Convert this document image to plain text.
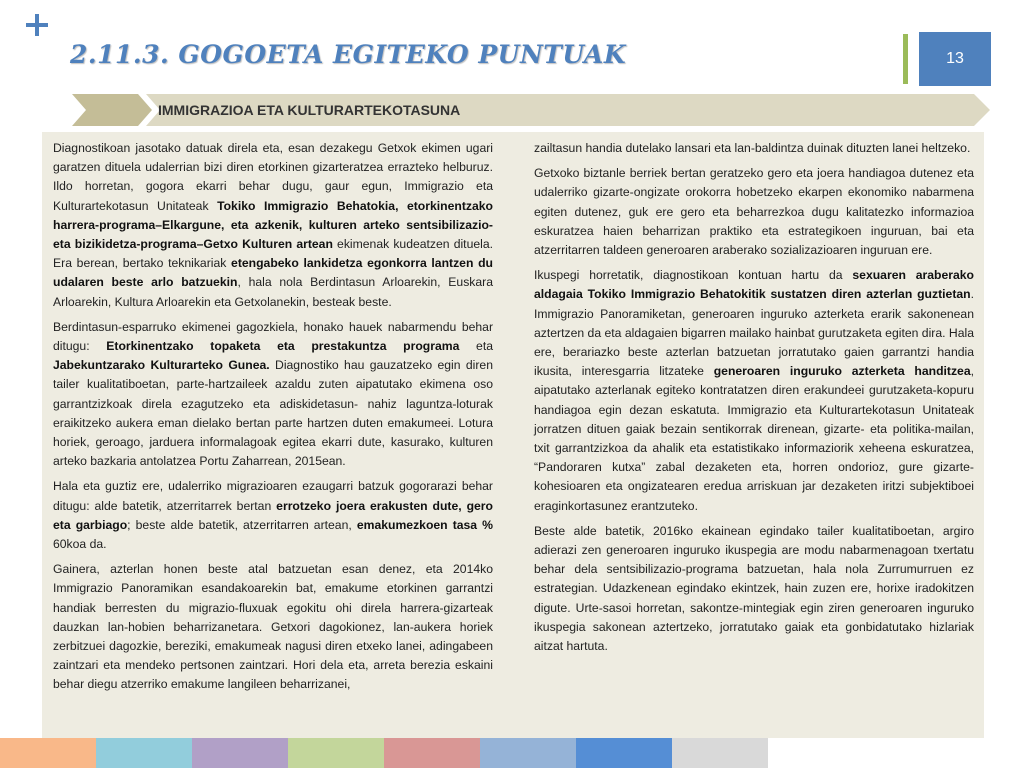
2.11.3. GOGOETA EGITEKO PUNTUAK	13
IMMIGRAZIOA ETA KULTURARTEKOTASUNA

Diagnostikoan jasotako datuak direla eta, esan dezakegu Getxok ekimen ugari garatzen dituela udalerrian bizi diren etorkinen gizarteratzea errazteko helburuz. Ildo horretan, gogora ekarri behar dugu, gaur egun, Immigrazio eta Kulturartekotasun Unitateak Tokiko Immigrazio Behatokia, etorkinentzako harrera-programa–Elkargune, eta azkenik, kulturen arteko sentsibilizazio- eta bizikidetza-programa–Getxo Kulturen artean ekimenak kudeatzen dituela. Era berean, bertako teknikariak etengabeko lankidetza egonkorra lantzen du udalaren beste arlo batzuekin, hala nola Berdintasun Arloarekin, Euskara Arloarekin, Kultura Arloarekin eta Getxolanekin, besteak beste.

Berdintasun-esparruko ekimenei gagozkiela, honako hauek nabarmendu behar ditugu: Etorkinentzako topaketa eta prestakuntza programa eta Jabekuntzarako Kulturarteko Gunea. Diagnostiko hau gauzatzeko egin diren tailer kualitatiboetan, parte-hartzaileek azaldu zuten aipatutako ekimena oso garrantzizkoak direla ezagutzeko eta adiskidetasun- nahiz laguntza-loturak eraikitzeko aukera eman dielako bertan parte hartzen duten emakumeei. Lotura horiek, geroago, jarduera informalagoak egitea ekarri dute, kasurako, kulturen arteko bazkaria antolatzea Portu Zaharrean, 2015ean.

Hala eta guztiz ere, udalerriko migrazioaren ezaugarri batzuk gogorarazi behar ditugu: alde batetik, atzerritarrek bertan errotzeko joera erakusten dute, gero eta garbiago; beste alde batetik, atzerritarren artean, emakumezkoen tasa % 60koa da.

Gainera, azterlan honen beste atal batzuetan esan denez, eta 2014ko Immigrazio Panoramikan esandakoarekin bat, emakume etorkinen garrantzi handiak berresten du migrazio-fluxuak egokitu ohi direla harrera-gizarteak dauzkan lan-hobien beharrizanetara. Getxori dagokionez, lan-aukera horiek zerbitzuei dagozkie, bereziki, emakumeak nagusi diren etxeko lanei, adingabeen zaintzari eta mendeko pertsonen zaintzari. Hori dela eta, arreta berezia eskaini behar diegu atzerriko emakume langileen beharrizanei,

zailtasun handia dutelako lansari eta lan-baldintza duinak dituzten lanei heltzeko.

Getxoko biztanle berriek bertan geratzeko gero eta joera handiagoa dutenez eta udalerriko gizarte-ongizate orokorra hobetzeko ekarpen ekonomiko nabarmena egiten dutenez, guk ere gero eta beharrezkoa dugu kalitatezko informazioa eskuratzea haien beharrizan praktiko eta estrategikoen inguruan, bai eta atzerritarren taldeen generoaren araberako sozializazioaren inguruan ere.

Ikuspegi horretatik, diagnostikoan kontuan hartu da sexuaren araberako aldagaia Tokiko Immigrazio Behatokitik sustatzen diren azterlan guztietan. Immigrazio Panoramiketan, generoaren inguruko azterketa erarik sakonenean aztertzen da eta aldagaien bigarren mailako hainbat gurutzaketa egiten dira. Hala ere, berariazko beste azterlan batzuetan jorratutako gaien garrantzi handia ikusita, interesgarria litzateke generoaren inguruko azterketa handitzea, aipatutako azterlanak egiteko kontratatzen diren erakundeei gurutzaketa-kopuru handiagoa egin dezan eskatuta. Immigrazio eta Kulturartekotasun Unitateak jorratzen dituen gaiak bezain sentikorrak direnean, gizarte- eta politika-mailan, txit garrantzizkoa da ahalik eta estatistikako informaziorik xeheena eskuratzea, “Pandoraren kutxa” zabal dezaketen eta, horren ondorioz, gure gizarte-kohesioaren eta ongizatearen eredua arriskuan jar dezaketen iritzi subjektiboei eraginkortasunez erantzuteko.

Beste alde batetik, 2016ko ekainean egindako tailer kualitatiboetan, argiro adierazi zen generoaren inguruko ikuspegia are modu nabarmenagoan txertatu behar dela sentsibilizazio-programa batzuetan, hala nola Zurrumurruen ez estrategian. Udazkenean egindako ekintzek, hain zuzen ere, horixe iradokitzen digute. Urte-sasoi horretan, sakontze-mintegiak egin ziren generoaren inguruko ikuspegia sakonean aztertzeko, jorratutako gaiak eta gonbidatutako hizlariak aitzat hartuta.
